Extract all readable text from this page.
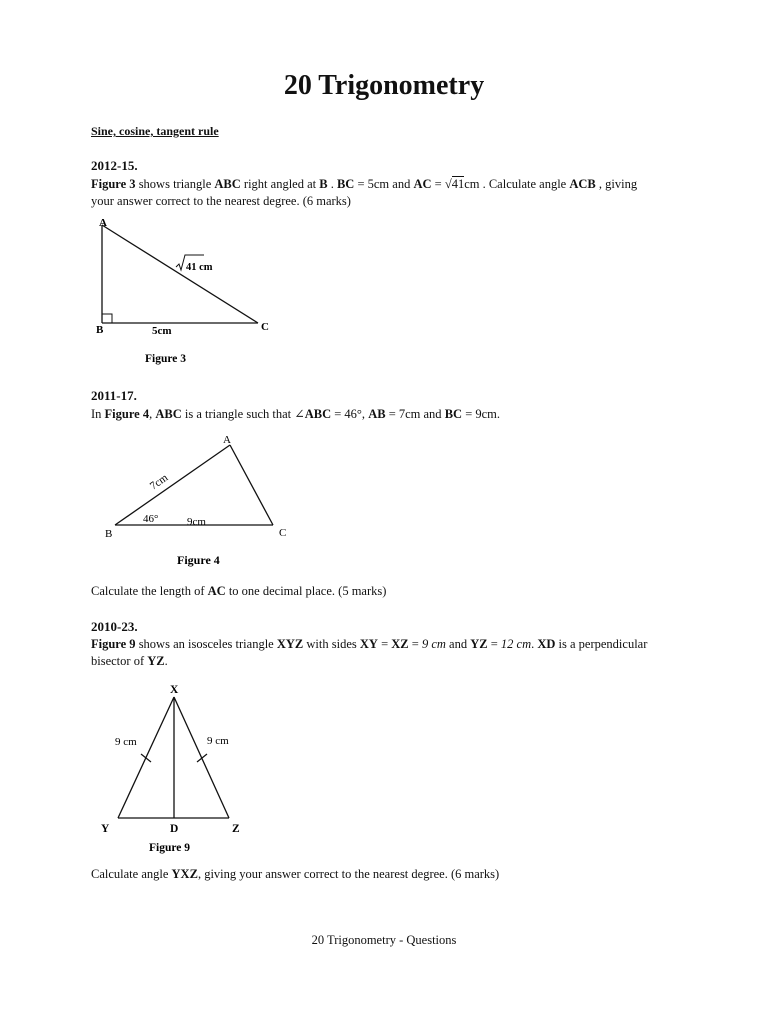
20 Trigonometry
Sine, cosine, tangent rule
2012-15.
Figure 3 shows triangle ABC right angled at B . BC = 5cm and AC = √41cm . Calculate angle ACB , giving
your answer correct to the nearest degree. (6 marks)
A
B	C
5cm
41 cm
Figure 3
2011-17.
In Figure 4, ABC is a triangle such that ∠ABC = 46°, AB = 7cm and BC = 9cm.
A
B	C
7cm
9cm
46°
Figure 4
Calculate the length of AC to one decimal place. (5 marks)
2010-23.
Figure 9 shows an isosceles triangle XYZ with sides XY = XZ = 9 cm and YZ = 12 cm. XD is a perpendicular
bisector of YZ.
X
Y	Z
D
9 cm	9 cm
Figure 9
Calculate angle YXZ, giving your answer correct to the nearest degree. (6 marks)
20 Trigonometry - Questions
